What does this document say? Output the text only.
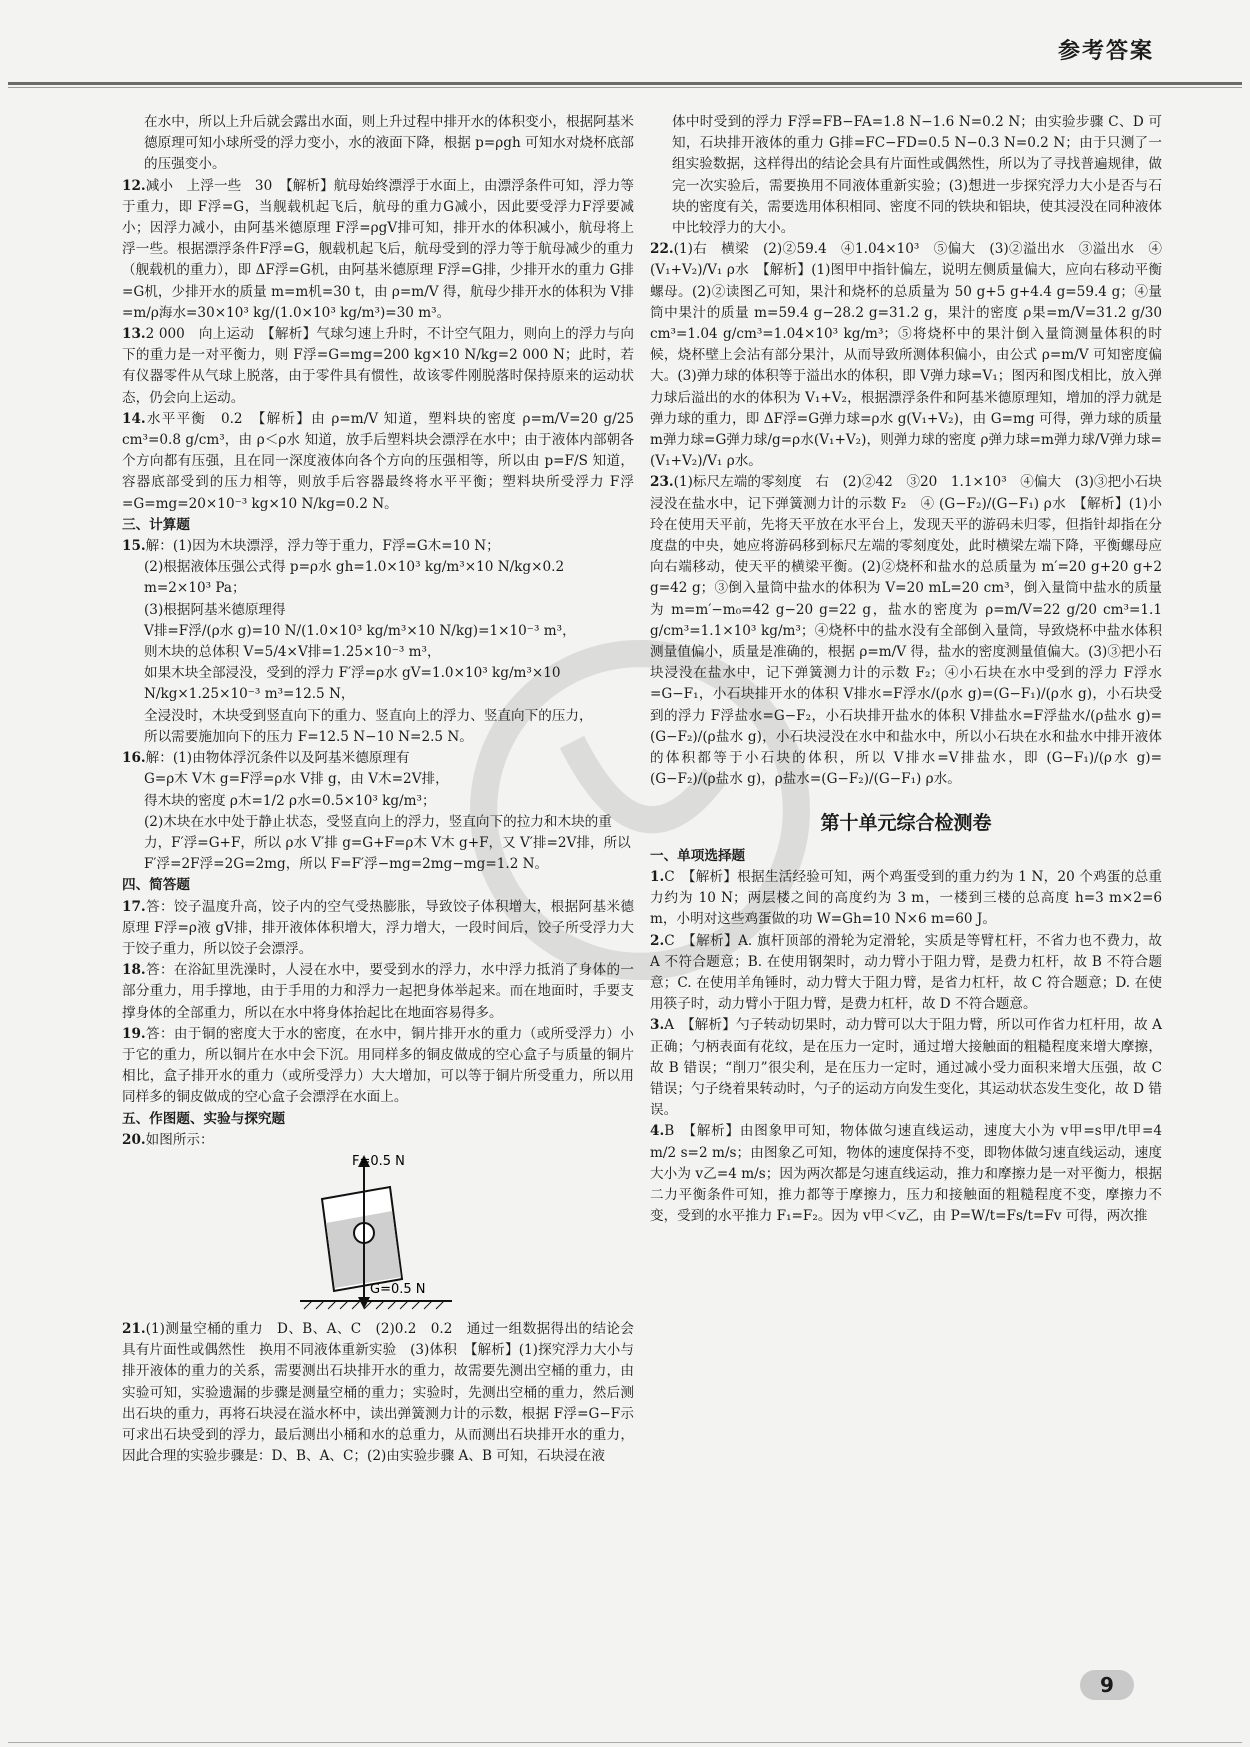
参考答案

在水中，所以上升后就会露出水面，则上升过程中排开水的体积变小，根据阿基米德原理可知小球所受的浮力变小，水的液面下降，根据 p=ρgh 可知水对烧杯底部的压强变小。

12.减小　上浮一些　30　【解析】航母始终漂浮于水面上，由漂浮条件可知，浮力等于重力，即 F浮=G，当舰载机起飞后，航母的重力G减小，因此要受浮力F浮要减小；因浮力减小，由阿基米德原理 F浮=ρgV排可知，排开水的体积减小，航母将上浮一些。根据漂浮条件F浮=G，舰载机起飞后，航母受到的浮力等于航母减少的重力（舰载机的重力），即 ΔF浮=G机，由阿基米德原理 F浮=G排，少排开水的重力 G排=G机，少排开水的质量 m=m机=30 t，由 ρ=m/V 得，航母少排开水的体积为 V排=m/ρ海水=30×10³ kg/(1.0×10³ kg/m³)=30 m³。

13.2 000　向上运动　【解析】气球匀速上升时，不计空气阻力，则向上的浮力与向下的重力是一对平衡力，则 F浮=G=mg=200 kg×10 N/kg=2 000 N；此时，若有仪器零件从气球上脱落，由于零件具有惯性，故该零件刚脱落时保持原来的运动状态，仍会向上运动。

14.水平平衡　0.2　【解析】由 ρ=m/V 知道，塑料块的密度 ρ=m/V=20 g/25 cm³=0.8 g/cm³，由 ρ＜ρ水 知道，放手后塑料块会漂浮在水中；由于液体内部朝各个方向都有压强，且在同一深度液体向各个方向的压强相等，所以由 p=F/S 知道，容器底部受到的压力相等，则放手后容器最终将水平平衡；塑料块所受浮力 F浮=G=mg=20×10⁻³ kg×10 N/kg=0.2 N。

三、计算题

15.解：(1)因为木块漂浮，浮力等于重力，F浮=G木=10 N；

(2)根据液体压强公式得 p=ρ水 gh=1.0×10³ kg/m³×10 N/kg×0.2 m=2×10³ Pa；

(3)根据阿基米德原理得

V排=F浮/(ρ水 g)=10 N/(1.0×10³ kg/m³×10 N/kg)=1×10⁻³ m³，

则木块的总体积 V=5/4×V排=1.25×10⁻³ m³，

如果木块全部浸没，受到的浮力 F′浮=ρ水 gV=1.0×10³ kg/m³×10 N/kg×1.25×10⁻³ m³=12.5 N，

全浸没时，木块受到竖直向下的重力、竖直向上的浮力、竖直向下的压力，

所以需要施加向下的压力 F=12.5 N−10 N=2.5 N。

16.解：(1)由物体浮沉条件以及阿基米德原理有

G=ρ木 V木 g=F浮=ρ水 V排 g，由 V木=2V排，

得木块的密度 ρ木=1/2 ρ水=0.5×10³ kg/m³；

(2)木块在水中处于静止状态，受竖直向上的浮力，竖直向下的拉力和木块的重力，F′浮=G+F，所以 ρ水 V′排 g=G+F=ρ木 V木 g+F，又 V′排=2V排，所以 F′浮=2F浮=2G=2mg，所以 F=F′浮−mg=2mg−mg=1.2 N。

四、简答题

17.答：饺子温度升高，饺子内的空气受热膨胀，导致饺子体积增大，根据阿基米德原理 F浮=ρ液 gV排，排开液体体积增大，浮力增大，一段时间后，饺子所受浮力大于饺子重力，所以饺子会漂浮。

18.答：在浴缸里洗澡时，人浸在水中，要受到水的浮力，水中浮力抵消了身体的一部分重力，用手撑地，由于手用的力和浮力一起把身体举起来。而在地面时，手要支撑身体的全部重力，所以在水中将身体抬起比在地面容易得多。

19.答：由于铜的密度大于水的密度，在水中，铜片排开水的重力（或所受浮力）小于它的重力，所以铜片在水中会下沉。用同样多的铜皮做成的空心盒子与质量的铜片相比，盒子排开水的重力（或所受浮力）大大增加，可以等于铜片所受重力，所以用同样多的铜皮做成的空心盒子会漂浮在水面上。

五、作图题、实验与探究题

20.如图所示：

F=0.5 N
G=0.5 N

21.(1)测量空桶的重力　D、B、A、C　(2)0.2　0.2　通过一组数据得出的结论会具有片面性或偶然性　换用不同液体重新实验　(3)体积　【解析】(1)探究浮力大小与排开液体的重力的关系，需要测出石块排开水的重力，故需要先测出空桶的重力，由实验可知，实验遗漏的步骤是测量空桶的重力；实验时，先测出空桶的重力，然后测出石块的重力，再将石块浸在溢水杯中，读出弹簧测力计的示数，根据 F浮=G−F示 可求出石块受到的浮力，最后测出小桶和水的总重力，从而测出石块排开水的重力，因此合理的实验步骤是：D、B、A、C；(2)由实验步骤 A、B 可知，石块浸在液

体中时受到的浮力 F浮=FB−FA=1.8 N−1.6 N=0.2 N；由实验步骤 C、D 可知，石块排开液体的重力 G排=FC−FD=0.5 N−0.3 N=0.2 N；由于只测了一组实验数据，这样得出的结论会具有片面性或偶然性，所以为了寻找普遍规律，做完一次实验后，需要换用不同液体重新实验；(3)想进一步探究浮力大小是否与石块的密度有关，需要选用体积相同、密度不同的铁块和铝块，使其浸没在同种液体中比较浮力的大小。

22.(1)右　横梁　(2)②59.4　④1.04×10³　⑤偏大　(3)②溢出水　③溢出水　④ (V₁+V₂)/V₁ ρ水　【解析】(1)图甲中指针偏左，说明左侧质量偏大，应向右移动平衡螺母。(2)②读图乙可知，果汁和烧杯的总质量为 50 g+5 g+4.4 g=59.4 g；④量筒中果汁的质量 m=59.4 g−28.2 g=31.2 g，果汁的密度 ρ果=m/V=31.2 g/30 cm³=1.04 g/cm³=1.04×10³ kg/m³；⑤将烧杯中的果汁倒入量筒测量体积的时候，烧杯壁上会沾有部分果汁，从而导致所测体积偏小，由公式 ρ=m/V 可知密度偏大。(3)弹力球的体积等于溢出水的体积，即 V弹力球=V₁；图丙和图戊相比，放入弹力球后溢出的水的体积为 V₁+V₂，根据漂浮条件和阿基米德原理知，增加的浮力就是弹力球的重力，即 ΔF浮=G弹力球=ρ水 g(V₁+V₂)，由 G=mg 可得，弹力球的质量 m弹力球=G弹力球/g=ρ水(V₁+V₂)，则弹力球的密度 ρ弹力球=m弹力球/V弹力球=(V₁+V₂)/V₁ ρ水。

23.(1)标尺左端的零刻度　右　(2)②42　③20　1.1×10³　④偏大　(3)③把小石块浸没在盐水中，记下弹簧测力计的示数 F₂　④ (G−F₂)/(G−F₁) ρ水　【解析】(1)小玲在使用天平前，先将天平放在水平台上，发现天平的游码未归零，但指针却指在分度盘的中央，她应将游码移到标尺左端的零刻度处，此时横梁左端下降，平衡螺母应向右端移动，使天平的横梁平衡。(2)②烧杯和盐水的总质量为 m′=20 g+20 g+2 g=42 g；③倒入量筒中盐水的体积为 V=20 mL=20 cm³，倒入量筒中盐水的质量为 m=m′−m₀=42 g−20 g=22 g，盐水的密度为 ρ=m/V=22 g/20 cm³=1.1 g/cm³=1.1×10³ kg/m³；④烧杯中的盐水没有全部倒入量筒，导致烧杯中盐水体积测量值偏小，质量是准确的，根据 ρ=m/V 得，盐水的密度测量值偏大。(3)③把小石块浸没在盐水中，记下弹簧测力计的示数 F₂；④小石块在水中受到的浮力 F浮水=G−F₁，小石块排开水的体积 V排水=F浮水/(ρ水 g)=(G−F₁)/(ρ水 g)，小石块受到的浮力 F浮盐水=G−F₂，小石块排开盐水的体积 V排盐水=F浮盐水/(ρ盐水 g)=(G−F₂)/(ρ盐水 g)，小石块浸没在水中和盐水中，所以小石块在水和盐水中排开液体的体积都等于小石块的体积，所以 V排水=V排盐水，即 (G−F₁)/(ρ水 g)=(G−F₂)/(ρ盐水 g)，ρ盐水=(G−F₂)/(G−F₁) ρ水。

第十单元综合检测卷

一、单项选择题

1.C　【解析】根据生活经验可知，两个鸡蛋受到的重力约为 1 N，20 个鸡蛋的总重力约为 10 N；两层楼之间的高度约为 3 m，一楼到三楼的总高度 h=3 m×2=6 m，小明对这些鸡蛋做的功 W=Gh=10 N×6 m=60 J。

2.C　【解析】A. 旗杆顶部的滑轮为定滑轮，实质是等臂杠杆，不省力也不费力，故 A 不符合题意；B. 在使用钢架时，动力臂小于阻力臂，是费力杠杆，故 B 不符合题意；C. 在使用羊角锤时，动力臂大于阻力臂，是省力杠杆，故 C 符合题意；D. 在使用筷子时，动力臂小于阻力臂，是费力杠杆，故 D 不符合题意。

3.A　【解析】勺子转动切果时，动力臂可以大于阻力臂，所以可作省力杠杆用，故 A 正确；勺柄表面有花纹，是在压力一定时，通过增大接触面的粗糙程度来增大摩擦，故 B 错误；“削刀”很尖利，是在压力一定时，通过减小受力面积来增大压强，故 C 错误；勺子绕着果转动时，勺子的运动方向发生变化，其运动状态发生变化，故 D 错误。

4.B　【解析】由图象甲可知，物体做匀速直线运动，速度大小为 v甲=s甲/t甲=4 m/2 s=2 m/s；由图象乙可知，物体的速度保持不变，即物体做匀速直线运动，速度大小为 v乙=4 m/s；因为两次都是匀速直线运动，推力和摩擦力是一对平衡力，根据二力平衡条件可知，推力都等于摩擦力，压力和接触面的粗糙程度不变，摩擦力不变，受到的水平推力 F₁=F₂。因为 v甲＜v乙，由 P=W/t=Fs/t=Fv 可得，两次推

9
